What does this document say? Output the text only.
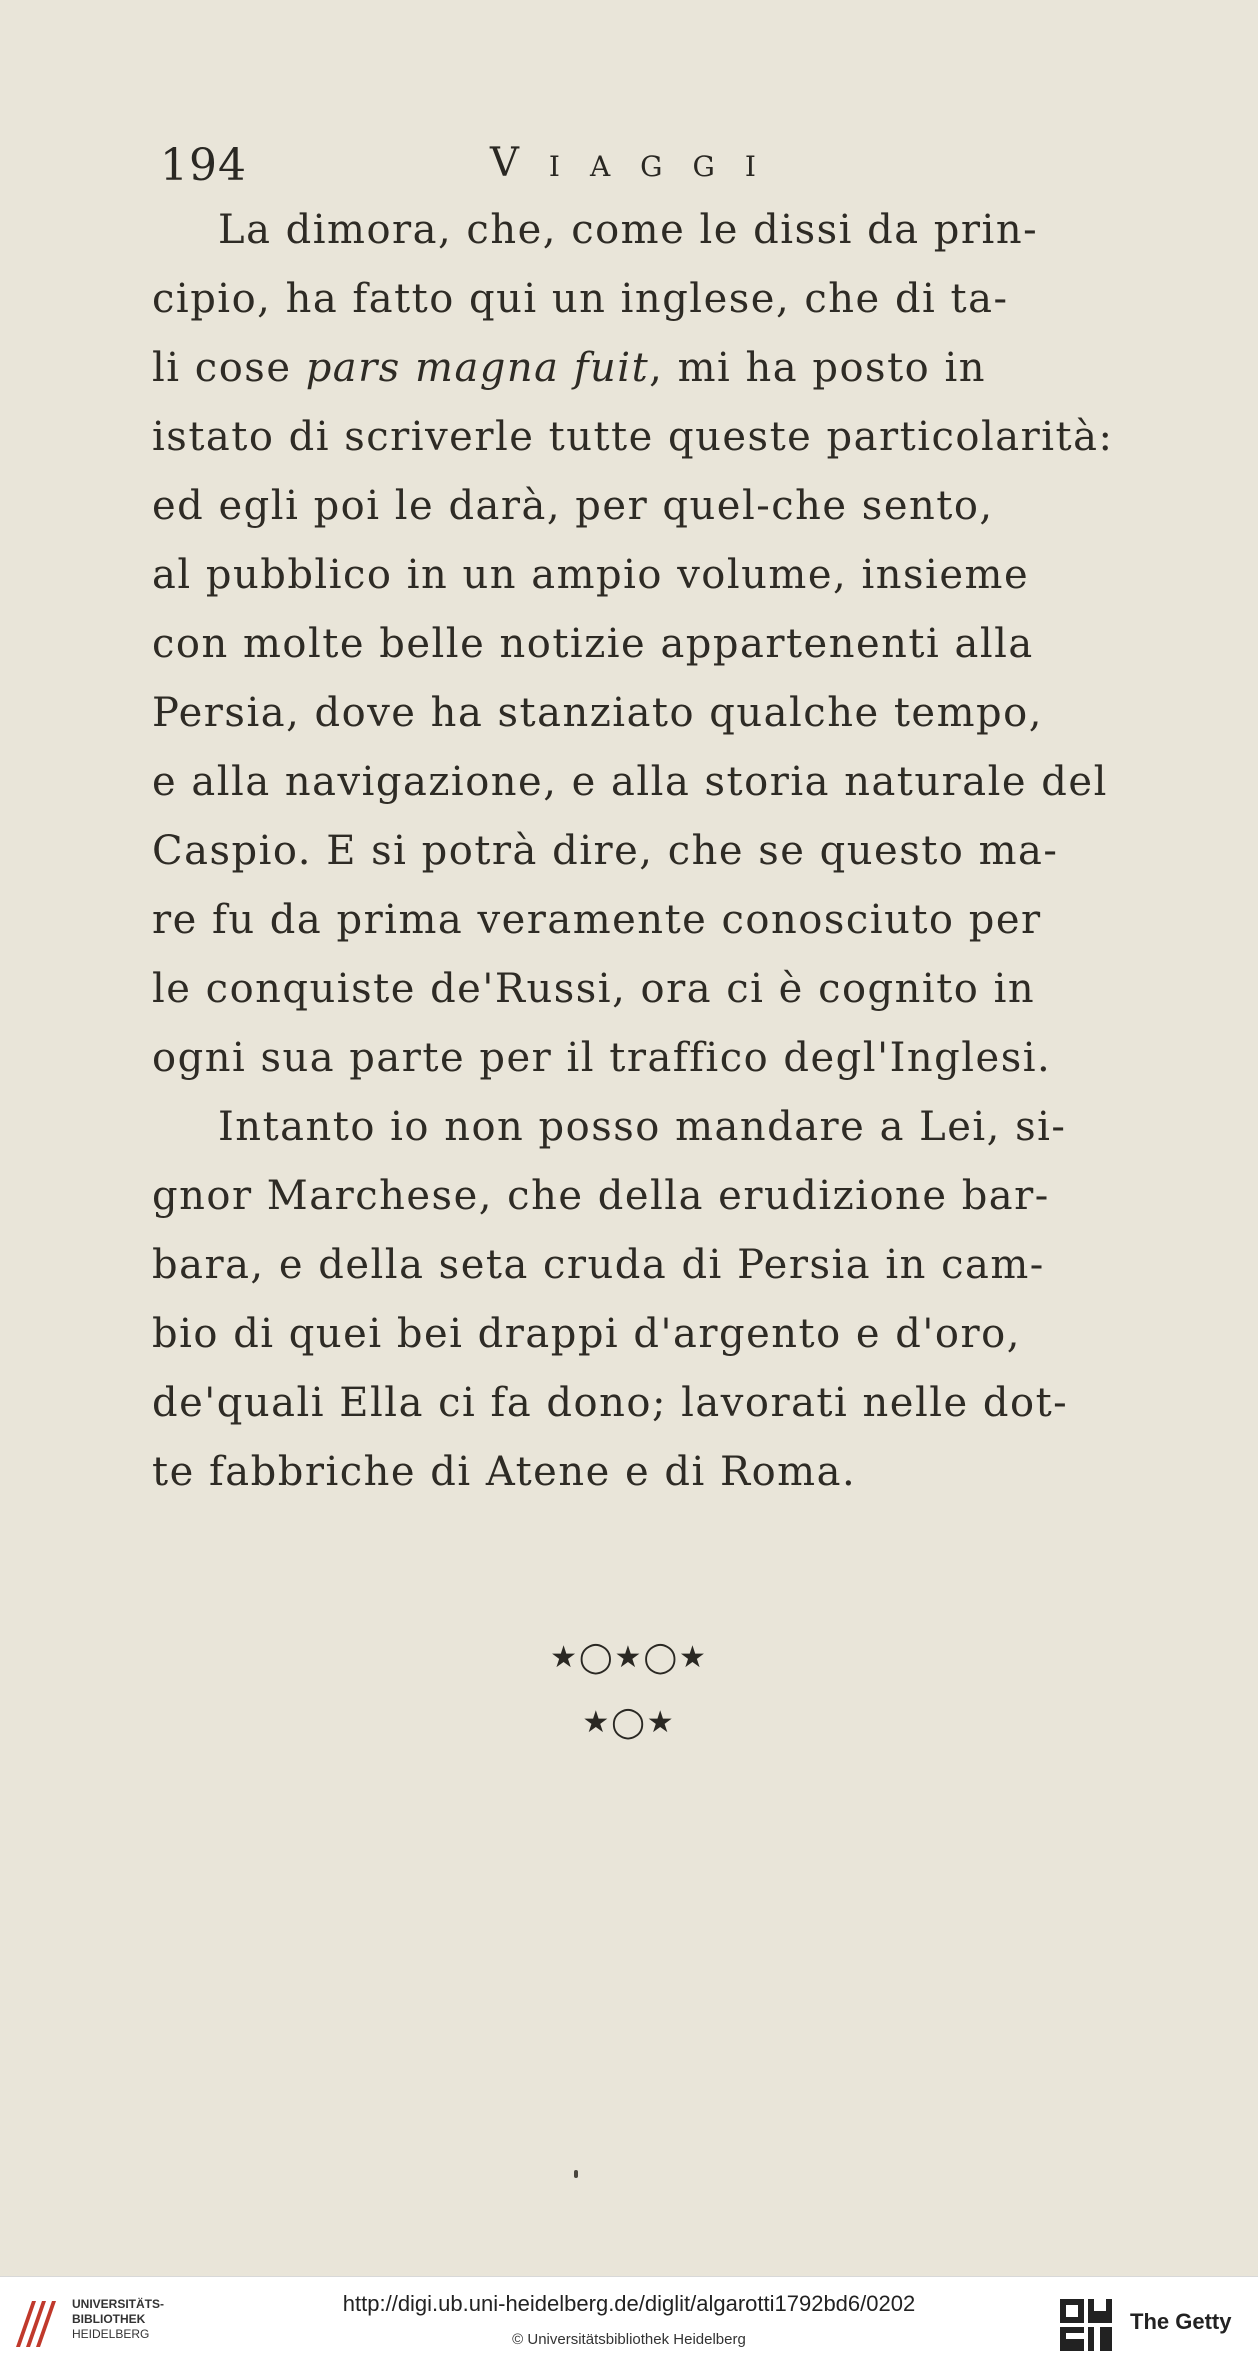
194	Viaggi
La dimora, che, come le dissi da prin-
cipio, ha fatto qui un inglese, che di ta-
li cose pars magna fuit, mi ha posto in
istato di scriverle tutte queste particolarità:
ed egli poi le darà, per quel-che sento,
al pubblico in un ampio volume, insieme
con molte belle notizie appartenenti alla
Persia, dove ha stanziato qualche tempo,
e alla navigazione, e alla storia naturale del
Caspio. E si potrà dire, che se questo ma-
re fu da prima veramente conosciuto per
le conquiste de'Russi, ora ci è cognito in
ogni sua parte per il traffico degl'Inglesi.
Intanto io non posso mandare a Lei, si-
gnor Marchese, che della erudizione bar-
bara, e della seta cruda di Persia in cam-
bio di quei bei drappi d'argento e d'oro,
de'quali Ella ci fa dono; lavorati nelle dot-
te fabbriche di Atene e di Roma.
★◯★◯★
★◯★
UNIVERSITÄTS-
BIBLIOTHEK
HEIDELBERG
http://digi.ub.uni-heidelberg.de/diglit/algarotti1792bd6/0202
© Universitätsbibliothek Heidelberg
The Getty
